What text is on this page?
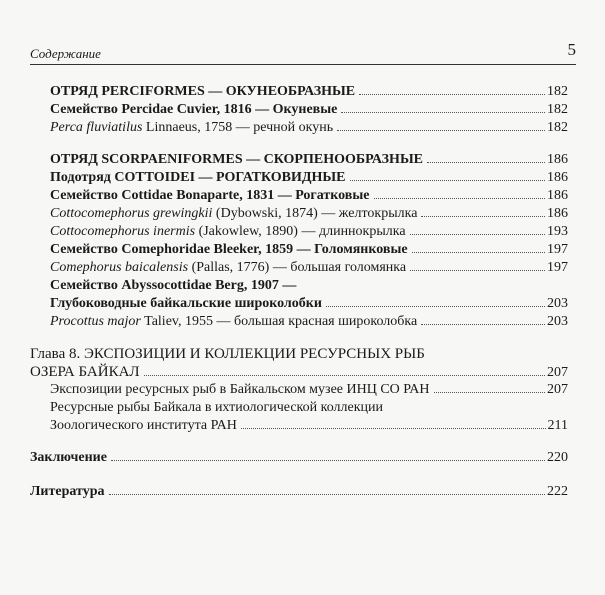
Содержание	5
ОТРЯД PERCIFORMES — ОКУНЕОБРАЗНЫЕ	182
Семейство Percidae Cuvier, 1816 — Окуневые	182
Perca fluviatilus Linnaeus, 1758 — речной окунь	182
ОТРЯД SCORPAENIFORMES — СКОРПЕНООБРАЗНЫЕ	186
Подотряд COTTOIDEI — РОГАТКОВИДНЫЕ	186
Семейство Cottidae Bonaparte, 1831 — Рогатковые	186
Cottocomephorus grewingkii (Dybowski, 1874) — желтокрылка	186
Cottocomephorus inermis (Jakowlew, 1890) — длиннокрылка	193
Семейство Comephoridae Bleeker, 1859 — Голомянковые	197
Comephorus baicalensis (Pallas, 1776) — большая голомянка	197
Семейство Abyssocottidae Berg, 1907 —
Глубоководные байкальские широколобки	203
Procottus major Taliev, 1955 — большая красная широколобка	203
Глава 8. ЭКСПОЗИЦИИ И КОЛЛЕКЦИИ РЕСУРСНЫХ РЫБ
ОЗЕРА БАЙКАЛ	207
Экспозиции ресурсных рыб в Байкальском музее ИНЦ СО РАН	207
Ресурсные рыбы Байкала в ихтиологической коллекции
Зоологического института РАН	211
Заключение	220
Литература	222
